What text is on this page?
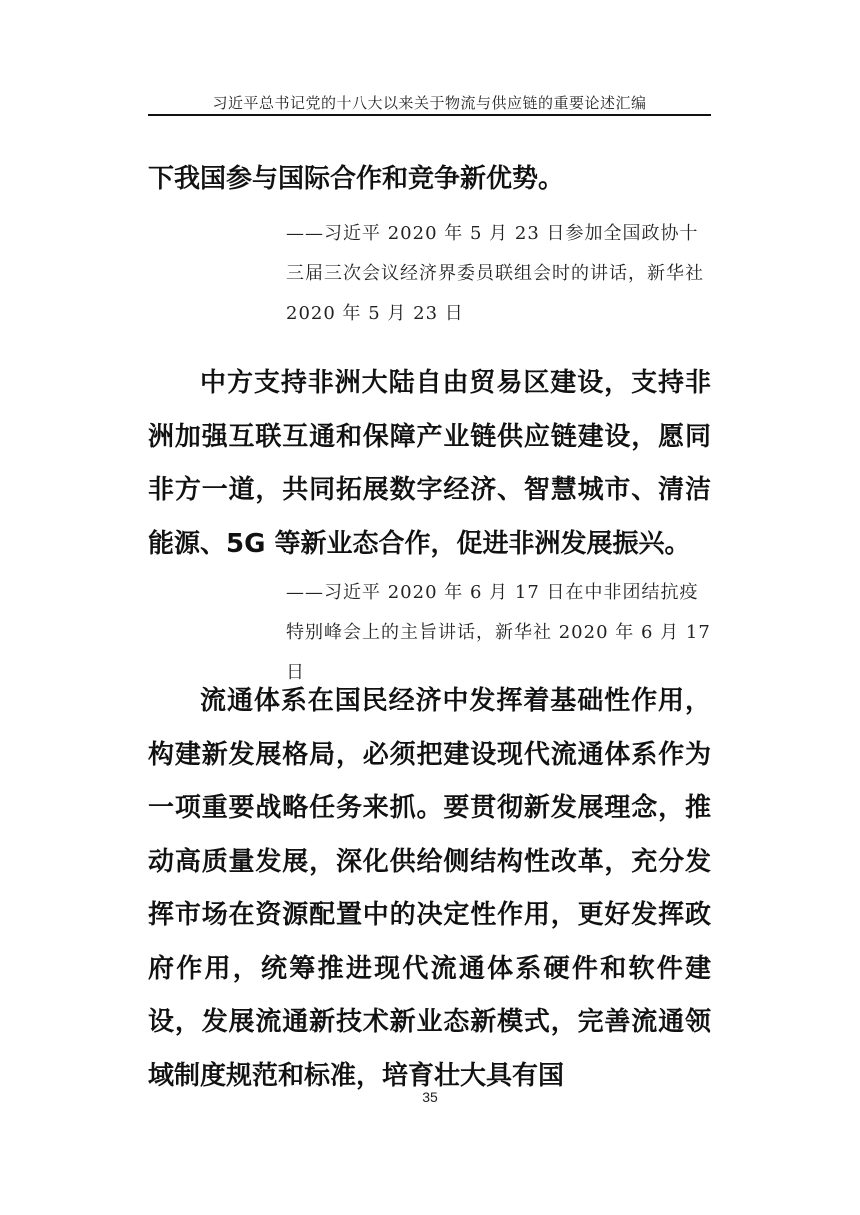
习近平总书记党的十八大以来关于物流与供应链的重要论述汇编

下我国参与国际合作和竞争新优势。

——习近平 2020 年 5 月 23 日参加全国政协十三届三次会议经济界委员联组会时的讲话，新华社 2020 年 5 月 23 日

中方支持非洲大陆自由贸易区建设，支持非洲加强互联互通和保障产业链供应链建设，愿同非方一道，共同拓展数字经济、智慧城市、清洁能源、5G 等新业态合作，促进非洲发展振兴。

——习近平 2020 年 6 月 17 日在中非团结抗疫特别峰会上的主旨讲话，新华社 2020 年 6 月 17 日

流通体系在国民经济中发挥着基础性作用，构建新发展格局，必须把建设现代流通体系作为一项重要战略任务来抓。要贯彻新发展理念，推动高质量发展，深化供给侧结构性改革，充分发挥市场在资源配置中的决定性作用，更好发挥政府作用，统筹推进现代流通体系硬件和软件建设，发展流通新技术新业态新模式，完善流通领域制度规范和标准，培育壮大具有国

35
